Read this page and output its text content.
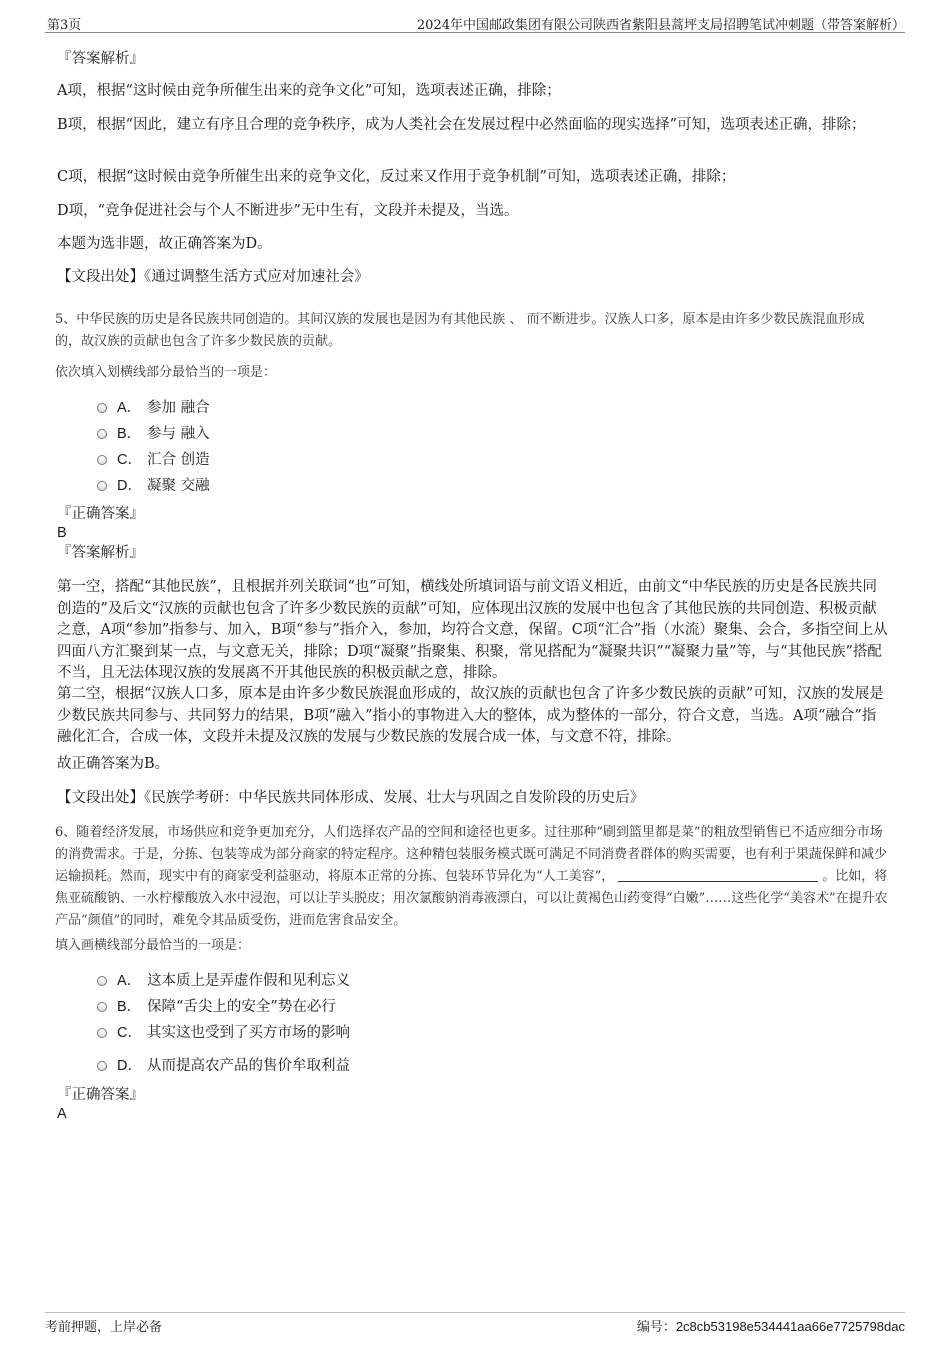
第3页	2024年中国邮政集团有限公司陕西省紫阳县蒿坪支局招聘笔试冲刺题（带答案解析）
『答案解析』
A项，根据“这时候由竞争所催生出来的竞争文化”可知，选项表述正确，排除；
B项，根据“因此，建立有序且合理的竞争秩序，成为人类社会在发展过程中必然面临的现实选择”可知，选项表述正确，排除；
C项，根据“这时候由竞争所催生出来的竞争文化，反过来又作用于竞争机制”可知，选项表述正确，排除；
D项，“竞争促进社会与个人不断进步”无中生有，文段并未提及，当选。
本题为选非题，故正确答案为D。
【文段出处】《通过调整生活方式应对加速社会》
5、中华民族的历史是各民族共同创造的。其间汉族的发展也是因为有其他民族 、 而不断进步。汉族人口多，原本是由许多少数民族混血形成的，故汉族的贡献也包含了许多少数民族的贡献。
依次填入划横线部分最恰当的一项是：
A． 参加 融合
B． 参与 融入
C． 汇合 创造
D． 凝聚 交融
『正确答案』
B
『答案解析』
第一空，搭配“其他民族”，且根据并列关联词“也”可知，横线处所填词语与前文语义相近，由前文“中华民族的历史是各民族共同创造的”及后文“汉族的贡献也包含了许多少数民族的贡献”可知，应体现出汉族的发展中也包含了其他民族的共同创造、积极贡献之意，A项“参加”指参与、加入，B项“参与”指介入，参加，均符合文意，保留。C项“汇合”指（水流）聚集、会合，多指空间上从四面八方汇聚到某一点，与文意无关，排除；D项“凝聚”指聚集、积聚，常见搭配为“凝聚共识”“凝聚力量”等，与“其他民族”搭配不当，且无法体现汉族的发展离不开其他民族的积极贡献之意，排除。
第二空，根据“汉族人口多，原本是由许多少数民族混血形成的，故汉族的贡献也包含了许多少数民族的贡献”可知，汉族的发展是少数民族共同参与、共同努力的结果，B项“融入”指小的事物进入大的整体，成为整体的一部分，符合文意，当选。A项“融合”指融化汇合，合成一体，文段并未提及汉族的发展与少数民族的发展合成一体，与文意不符，排除。
故正确答案为B。
【文段出处】《民族学考研：中华民族共同体形成、发展、壮大与巩固之自发阶段的历史后》
6、随着经济发展，市场供应和竞争更加充分，人们选择农产品的空间和途径也更多。过往那种“刷到篮里都是菜”的粗放型销售已不适应细分市场的消费需求。于是，分拣、包装等成为部分商家的特定程序。这种精包装服务模式既可满足不同消费者群体的购买需要，也有利于果蔬保鲜和减少运输损耗。然而，现实中有的商家受利益驱动，将原本正常的分拣、包装环节异化为“人工美容”，	。比如，将焦亚硫酸钠、一水柠檬酸放入水中浸泡，可以让芋头脱皮；用次氯酸钠消毒液漂白，可以让黄褐色山药变得“白嫩”……这些化学“美容术”在提升农产品“颜值”的同时，难免令其品质受伤，进而危害食品安全。
填入画横线部分最恰当的一项是：
A． 这本质上是弄虚作假和见利忘义
B． 保障“舌尖上的安全”势在必行
C． 其实这也受到了买方市场的影响
D． 从而提高农产品的售价牟取利益
『正确答案』
A
考前押题，上岸必备	编号：2c8cb53198e534441aa66e7725798dac
